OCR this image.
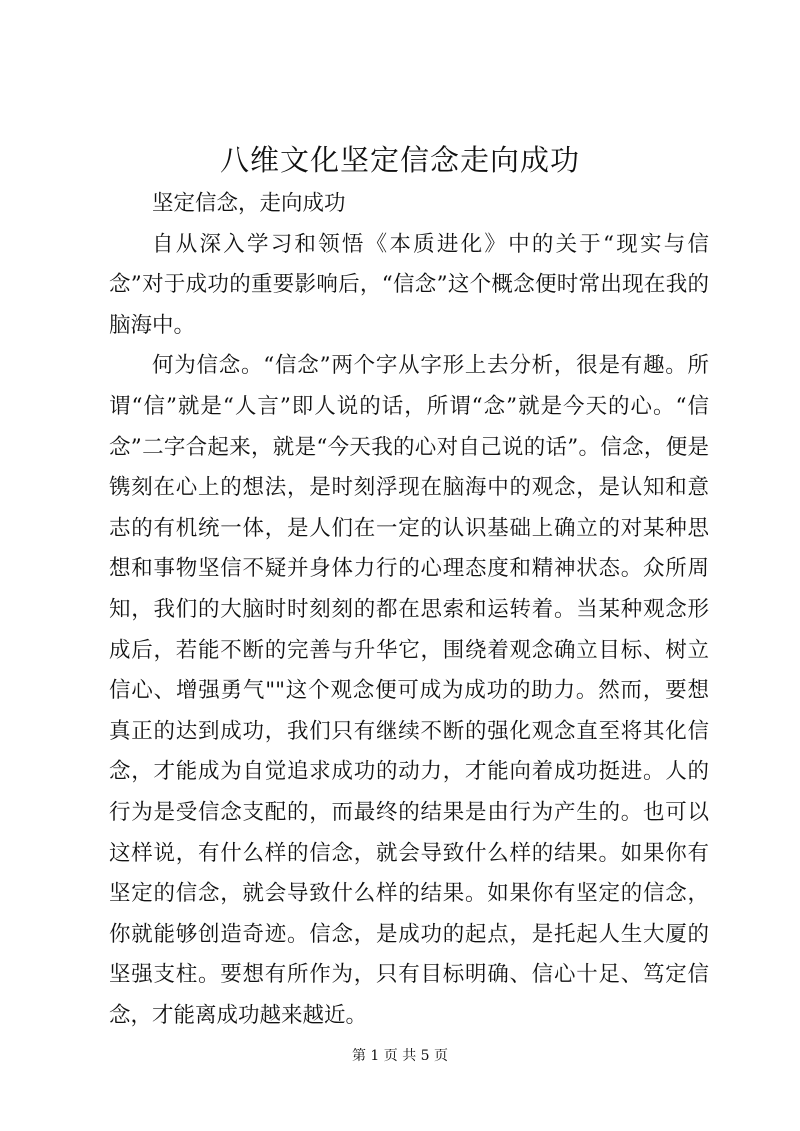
八维文化坚定信念走向成功

坚定信念，走向成功

自从深入学习和领悟《本质进化》中的关于“现实与信念”对于成功的重要影响后，“信念”这个概念便时常出现在我的脑海中。

何为信念。“信念”两个字从字形上去分析，很是有趣。所谓“信”就是“人言”即人说的话，所谓“念”就是今天的心。“信念”二字合起来，就是“今天我的心对自己说的话”。信念，便是镌刻在心上的想法，是时刻浮现在脑海中的观念，是认知和意志的有机统一体，是人们在一定的认识基础上确立的对某种思想和事物坚信不疑并身体力行的心理态度和精神状态。众所周知，我们的大脑时时刻刻的都在思索和运转着。当某种观念形成后，若能不断的完善与升华它，围绕着观念确立目标、树立信心、增强勇气""这个观念便可成为成功的助力。然而，要想真正的达到成功，我们只有继续不断的强化观念直至将其化信念，才能成为自觉追求成功的动力，才能向着成功挺进。人的行为是受信念支配的，而最终的结果是由行为产生的。也可以这样说，有什么样的信念，就会导致什么样的结果。如果你有坚定的信念，就会导致什么样的结果。如果你有坚定的信念，你就能够创造奇迹。信念，是成功的起点，是托起人生大厦的坚强支柱。要想有所作为，只有目标明确、信心十足、笃定信念，才能离成功越来越近。

第 1 页 共 5 页
